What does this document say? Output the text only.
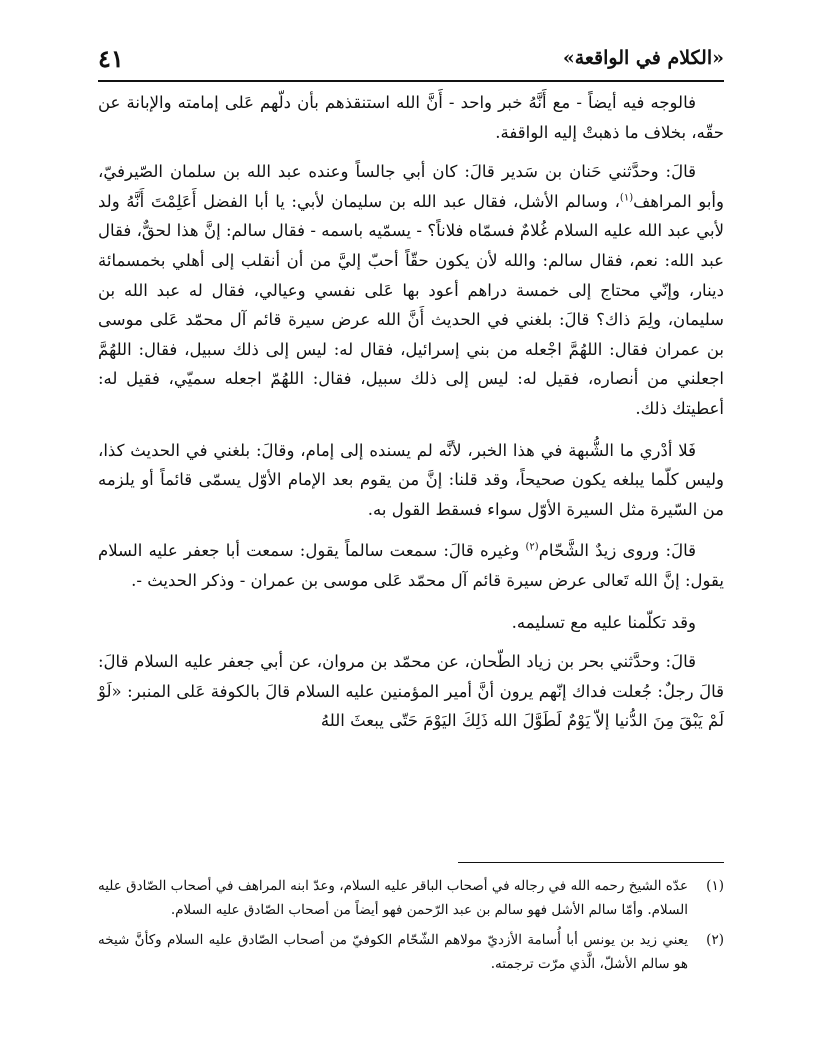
«الكلام في الواقعة»
٤١

فالوجه فيه أيضاً - مع أَنَّهُ خبر واحد - أَنَّ الله استنقذهم بأن دلّهم عَلى إمامته والإبانة عن حقّه، بخلاف ما ذهبتْ إليه الواقفة.

قالَ: وحدَّثني حَنان بن سَدير قالَ: كان أبي جالساً وعنده عبد الله بن سلمان الصّيرفيّ، وأبو المراهف$^{(١)}$، وسالم الأشل، فقال عبد الله بن سليمان لأبي: يا أبا الفضل أَعَلِمْتَ أَنَّهُ ولد لأبي عبد الله عليه السلام غُلامٌ فسمّاه فلاناً؟ - يسمّيه باسمه - فقال سالم: إنَّ هذا لحقٌّ، فقال عبد الله: نعم، فقال سالم: والله لأن يكون حقّاً أحبّ إليَّ من أن أنقلب إلى أهلي بخمسمائة دينار، وإنّي محتاج إلى خمسة دراهم أعود بها عَلى نفسي وعيالي، فقال له عبد الله بن سليمان، ولِمَ ذاك؟ قالَ: بلغني في الحديث أَنَّ الله عرض سيرة قائم آل محمّد عَلى موسى بن عمران فقال: اللهُمَّ اجْعله من بني إسرائيل، فقال له: ليس إلى ذلك سبيل، فقال: اللهُمَّ اجعلني من أنصاره، فقيل له: ليس إلى ذلك سبيل، فقال: اللهُمّ اجعله سميّي، فقيل له: أعطيتك ذلك.

فَلا أدْري ما الشُّبهة في هذا الخبر، لأنَّه لم يسنده إلى إمام، وقالَ: بلغني في الحديث كذا، وليس كلّما يبلغه يكون صحيحاً، وقد قلنا: إنَّ من يقوم بعد الإمام الأوّل يسمّى قائماً أو يلزمه من السّيرة مثل السيرة الأوّل سواء فسقط القول به.

قالَ: وروى زيدٌ الشَّحّام$^{(٢)}$ وغيره قالَ: سمعت سالماً يقول: سمعت أبا جعفر عليه السلام يقول: إنَّ الله تَعالى عرض سيرة قائم آل محمّد عَلى موسى بن عمران - وذكر الحديث -.

وقد تكلّمنا عليه مع تسليمه.

قالَ: وحدَّثني بحر بن زياد الطّحان، عن محمّد بن مروان، عن أبي جعفر عليه السلام قالَ: قالَ رجلٌ: جُعلت فداك إنّهم يرون أنَّ أمير المؤمنين عليه السلام قالَ بالكوفة عَلى المنبر: «لَوْ لَمْ يَبْقَ مِنَ الدُّنيا إلاّ يَوْمٌ لَطَوَّلَ الله ذَلِكَ اليَوْمَ حَتّى يبعثَ اللهُ

(١)
عدّه الشيخ رحمه الله في رجاله في أصحاب الباقر عليه السلام، وعدّ ابنه المراهف في أصحاب الصّادق عليه السلام. وأمّا سالم الأشل فهو سالم بن عبد الرّحمن فهو أيضاً من أصحاب الصّادق عليه السلام.
(٢)
يعني زيد بن يونس أبا أُسامة الأزديّ مولاهم الشّحّام الكوفيّ من أصحاب الصّادق عليه السلام وكأنَّ شيخه هو سالم الأشلّ، الَّذي مرّت ترجمته.
